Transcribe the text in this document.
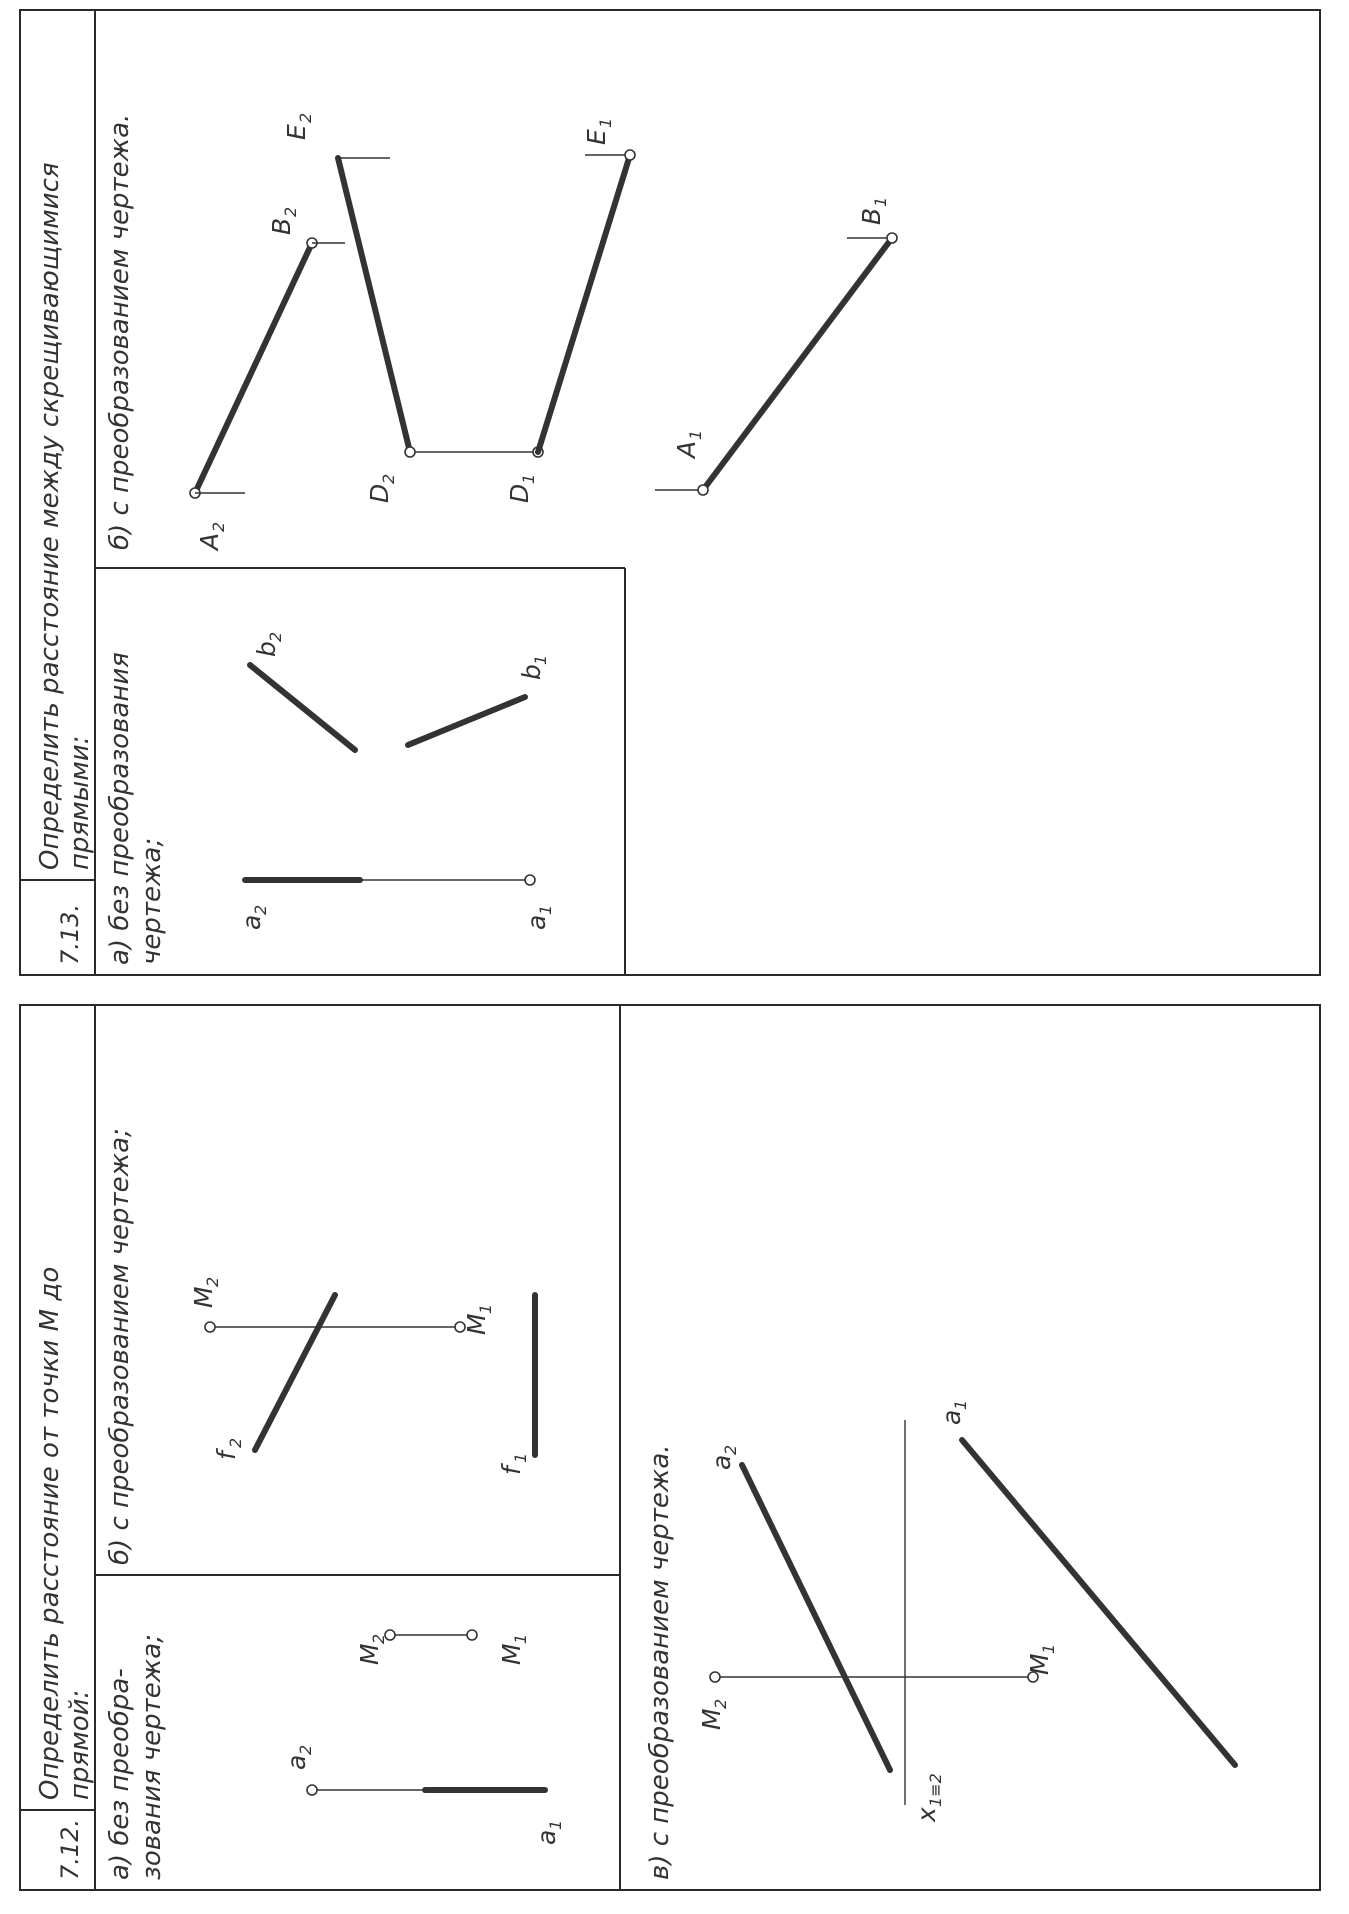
7.12.
Определить расстояние от точки М до прямой: а) без преобра- зования чертежа;
б) с преобразованием чертежа;
в) с преобразованием чертежа.
a
2
a
1
M
2
M
1
f
2
M
2
M
1
f
1	a
2
a
1
M
2
M
1
x
1≡2
7.13.
Определить расстояние между скрещивающимися прямыми: а) без преобразования чертежа;
б) с преобразованием чертежа.
a
2
a
1
b
2
b
1
A
2
B
2
E
2
D
2
D
1
E
1
A
1
B
1
